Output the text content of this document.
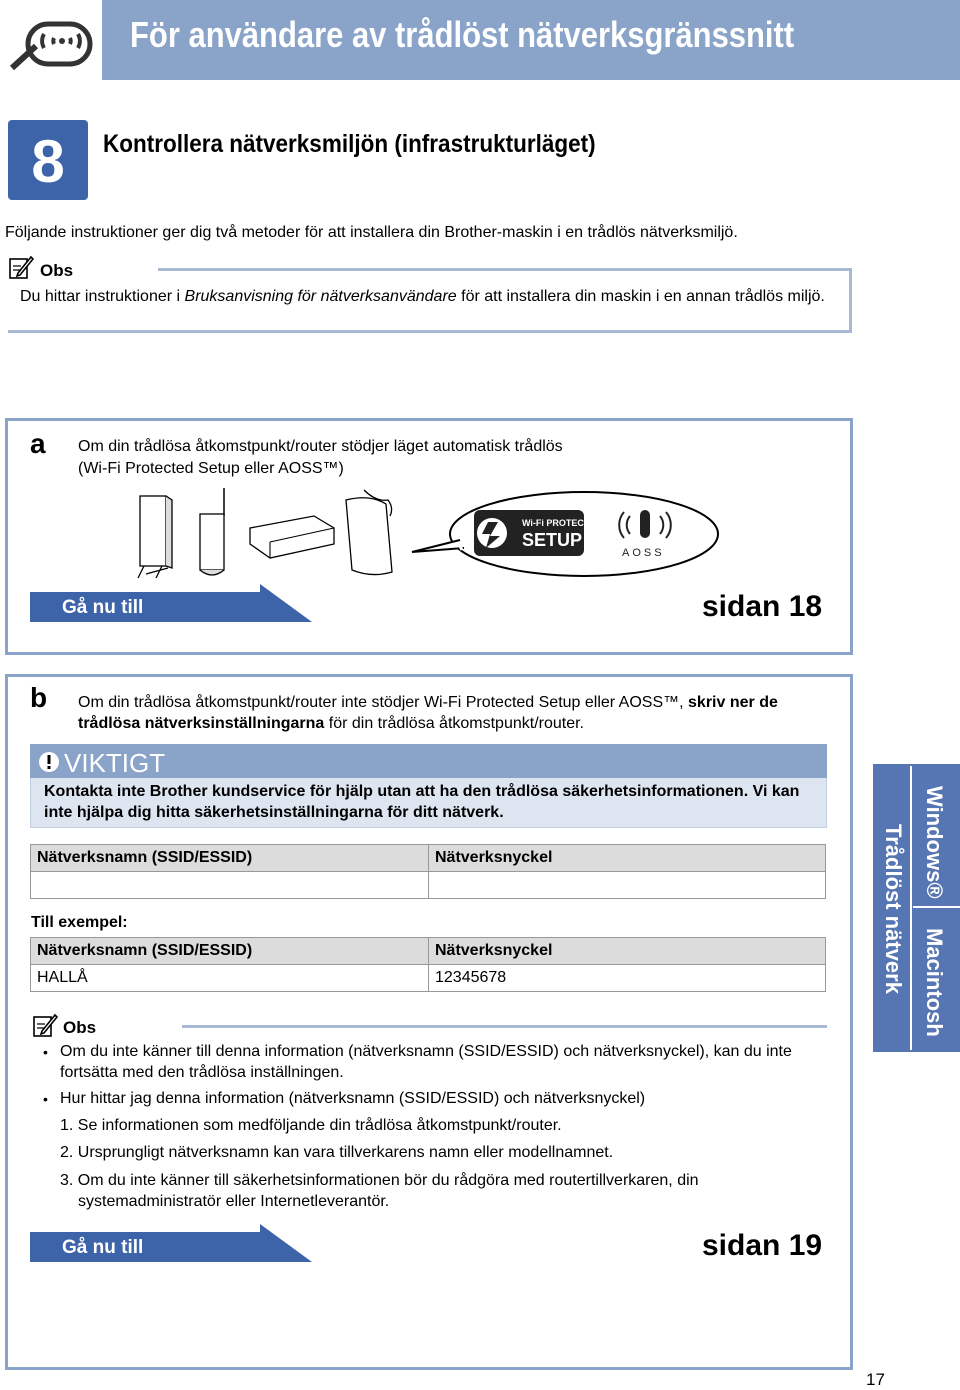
För användare av trådlöst nätverksgränssnitt
8	Kontrollera nätverksmiljön (infrastrukturläget)
Följande instruktioner ger dig två metoder för att installera din Brother-maskin i en trådlös nätverksmiljö.
Obs
Du hittar instruktioner i Bruksanvisning för nätverksanvändare för att installera din maskin i en annan trådlös miljö.
a Om din trådlösa åtkomstpunkt/router stödjer läget automatisk trådlös
(Wi-Fi Protected Setup eller AOSS™)
Wi-Fi PROTECTED
SETUP
AOSS
Gå nu till	sidan 18
b Om din trådlösa åtkomstpunkt/router inte stödjer Wi-Fi Protected Setup eller AOSS™, skriv ner de trådlösa nätverksinställningarna för din trådlösa åtkomstpunkt/router.
VIKTIGT
Kontakta inte Brother kundservice för hjälp utan att ha den trådlösa säkerhetsinformationen. Vi kan inte hjälpa dig hitta säkerhetsinställningarna för ditt nätverk.
Nätverksnamn (SSID/ESSID)	Nätverksnyckel

Till exempel:
Nätverksnamn (SSID/ESSID)	Nätverksnyckel
HALLÅ	12345678
Obs
• Om du inte känner till denna information (nätverksnamn (SSID/ESSID) och nätverksnyckel), kan du inte fortsätta med den trådlösa inställningen.
• Hur hittar jag denna information (nätverksnamn (SSID/ESSID) och nätverksnyckel)
1. Se informationen som medföljande din trådlösa åtkomstpunkt/router.
2. Ursprungligt nätverksnamn kan vara tillverkarens namn eller modellnamnet.
3. Om du inte känner till säkerhetsinformationen bör du rådgöra med routertillverkaren, din systemadministratör eller Internetleverantör.
Gå nu till	sidan 19
Windows®
Macintosh
Trådlöst nätverk
17
